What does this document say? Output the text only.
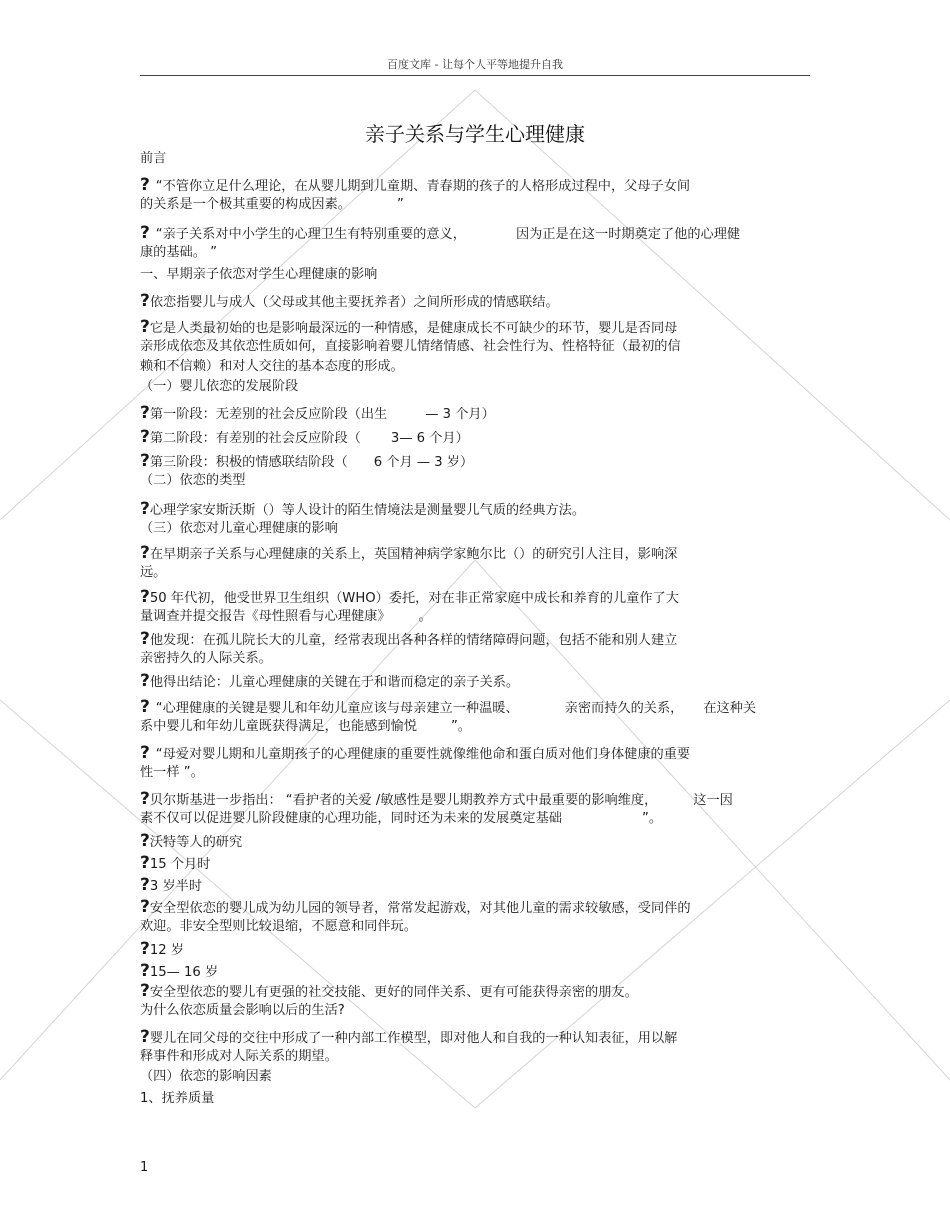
百度文库 - 让每个人平等地提升自我
亲子关系与学生心理健康
前言
? “不管你立足什么理论，在从婴儿期到儿童期、青春期的孩子的人格形成过程中，父母子女间
的关系是一个极其重要的构成因素。	”
? “亲子关系对中小学生的心理卫生有特别重要的意义，	因为正是在这一时期奠定了他的心理健
康的基础。 ”
一、早期亲子依恋对学生心理健康的影响
?依恋指婴儿与成人（父母或其他主要抚养者）之间所形成的情感联结。
?它是人类最初始的也是影响最深远的一种情感，是健康成长不可缺少的环节，婴儿是否同母
亲形成依恋及其依恋性质如何，直接影响着婴儿情绪情感、社会性行为、性格特征（最初的信
赖和不信赖）和对人交往的基本态度的形成。
（一）婴儿依恋的发展阶段
?第一阶段：无差别的社会反应阶段（出生	— 3 个月）
?第二阶段：有差别的社会反应阶段（ 3— 6 个月）
?第三阶段：积极的情感联结阶段（ 6 个月 — 3 岁）
（二）依恋的类型
?心理学家安斯沃斯（）等人设计的陌生情境法是测量婴儿气质的经典方法。
（三）依恋对儿童心理健康的影响
?在早期亲子关系与心理健康的关系上，英国精神病学家鲍尔比（）的研究引人注目，影响深
远。
?50 年代初，他受世界卫生组织（WHO）委托，对在非正常家庭中成长和养育的儿童作了大
量调查并提交报告《母性照看与心理健康》 。
?他发现：在孤儿院长大的儿童，经常表现出各种各样的情绪障碍问题，包括不能和别人建立
亲密持久的人际关系。
?他得出结论：儿童心理健康的关键在于和谐而稳定的亲子关系。
? “心理健康的关键是婴儿和年幼儿童应该与母亲建立一种温暖、	亲密而持久的关系， 在这种关
系中婴儿和年幼儿童既获得满足，也能感到愉悦	”。
? “母爱对婴儿期和儿童期孩子的心理健康的重要性就像维他命和蛋白质对他们身体健康的重要
性一样 ”。
?贝尔斯基进一步指出： “看护者的关爱 /敏感性是婴儿期教养方式中最重要的影响维度，	这一因
素不仅可以促进婴儿阶段健康的心理功能，同时还为未来的发展奠定基础	”。
?沃特等人的研究
?15 个月时
?3 岁半时
?安全型依恋的婴儿成为幼儿园的领导者，常常发起游戏，对其他儿童的需求较敏感，受同伴的
欢迎。非安全型则比较退缩，不愿意和同伴玩。
?12 岁
?15— 16 岁
?安全型依恋的婴儿有更强的社交技能、更好的同伴关系、更有可能获得亲密的朋友。
为什么依恋质量会影响以后的生活?
?婴儿在同父母的交往中形成了一种内部工作模型，即对他人和自我的一种认知表征，用以解
释事件和形成对人际关系的期望。
（四）依恋的影响因素
1、抚养质量
1
